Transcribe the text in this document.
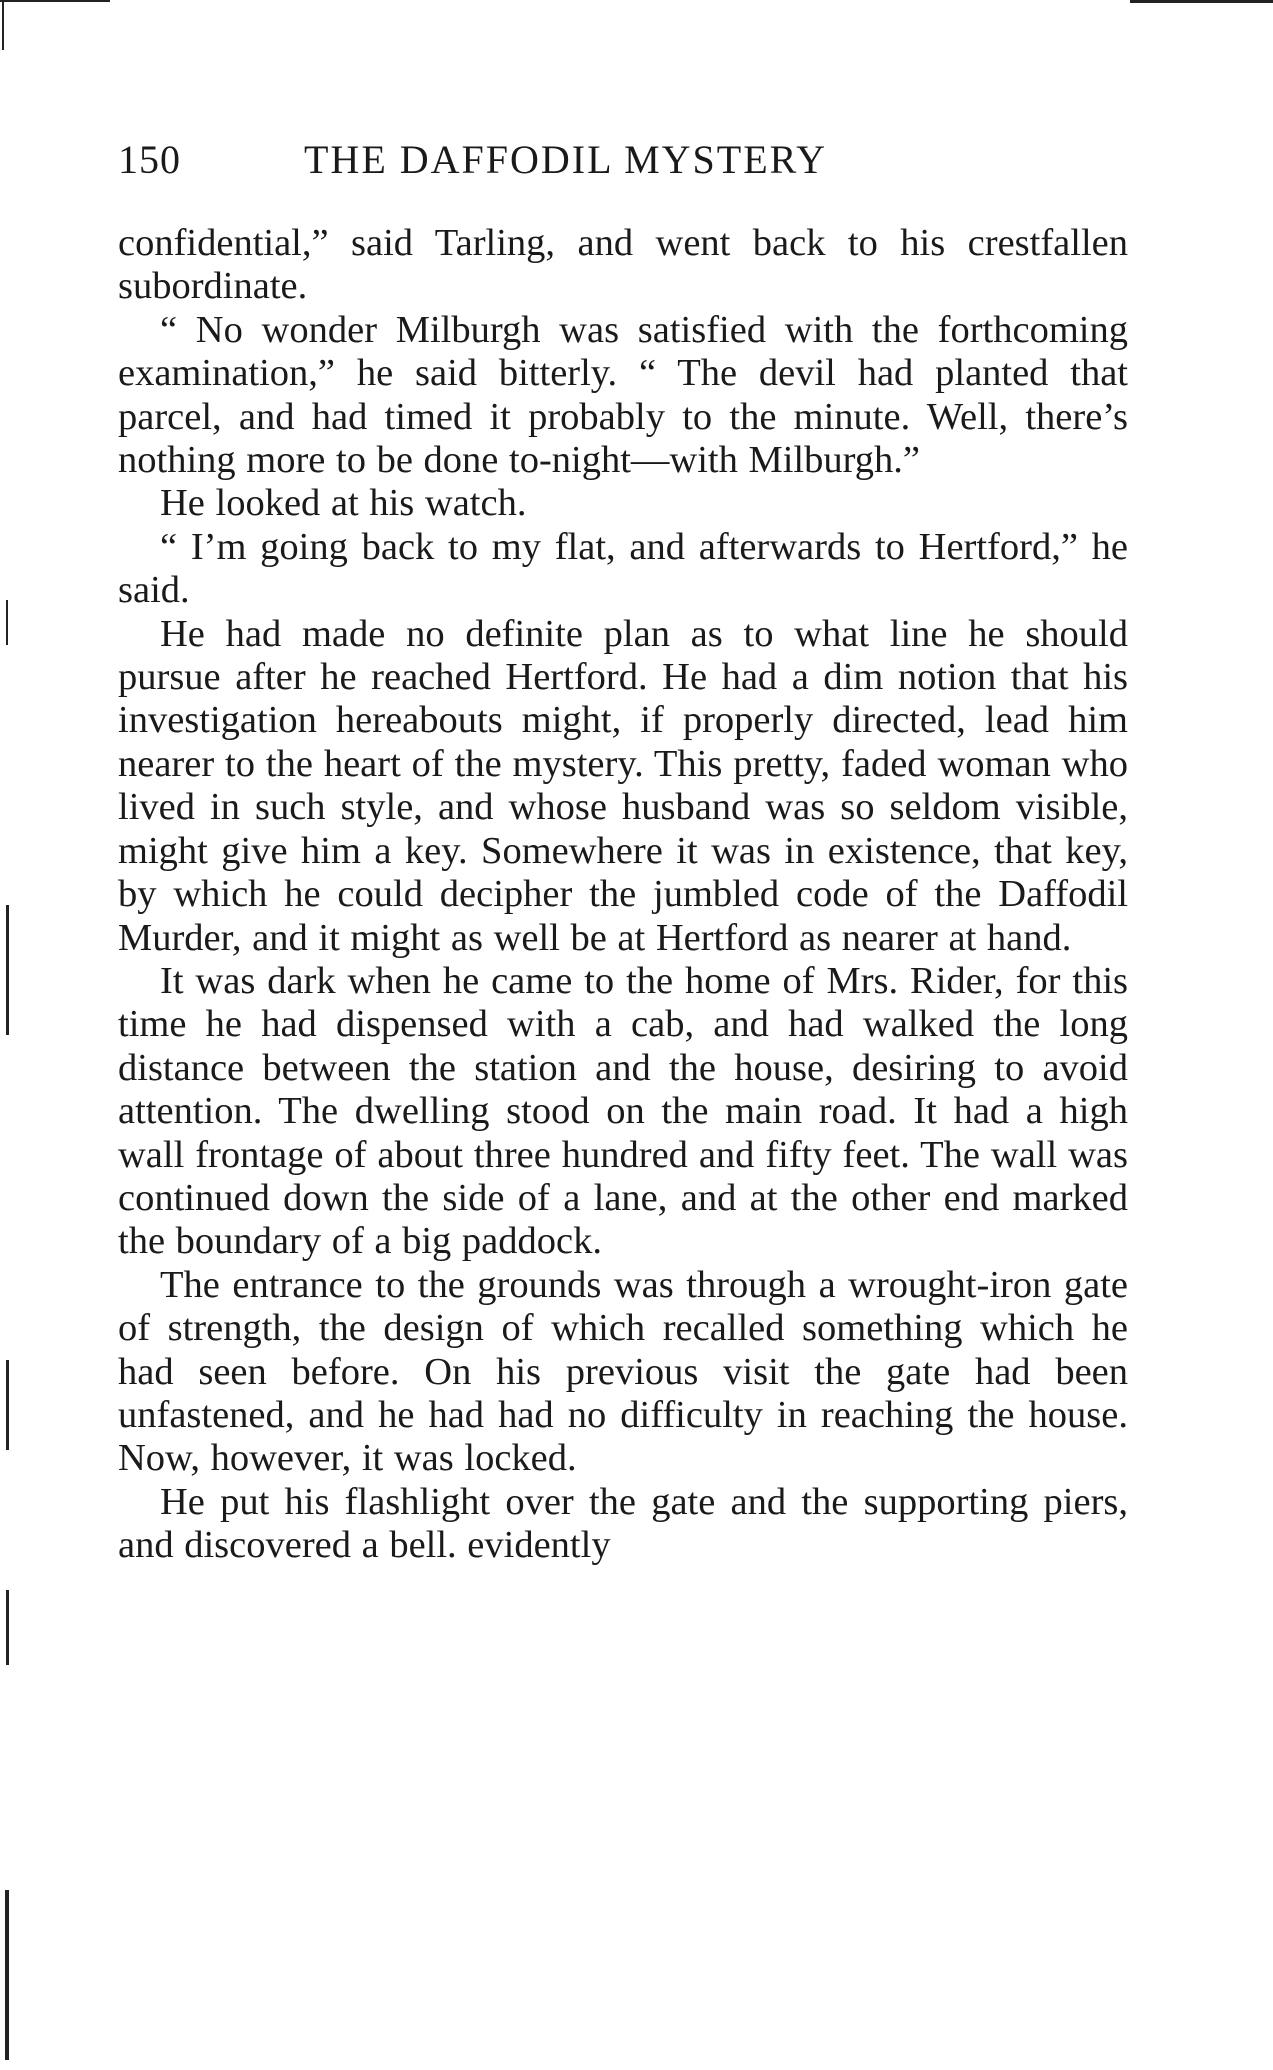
150	THE DAFFODIL MYSTERY

confidential,” said Tarling, and went back to his crestfallen subordinate.

“ No wonder Milburgh was satisfied with the forthcoming examination,” he said bitterly. “ The devil had planted that parcel, and had timed it probably to the minute. Well, there’s nothing more to be done to-night—with Milburgh.”

He looked at his watch.

“ I’m going back to my flat, and afterwards to Hertford,” he said.

He had made no definite plan as to what line he should pursue after he reached Hertford. He had a dim notion that his investigation hereabouts might, if properly directed, lead him nearer to the heart of the mystery. This pretty, faded woman who lived in such style, and whose husband was so seldom visible, might give him a key. Somewhere it was in existence, that key, by which he could decipher the jumbled code of the Daffodil Murder, and it might as well be at Hertford as nearer at hand.

It was dark when he came to the home of Mrs. Rider, for this time he had dispensed with a cab, and had walked the long distance between the station and the house, desiring to avoid attention. The dwelling stood on the main road. It had a high wall frontage of about three hundred and fifty feet. The wall was continued down the side of a lane, and at the other end marked the boundary of a big paddock.

The entrance to the grounds was through a wrought-iron gate of strength, the design of which recalled something which he had seen before. On his previous visit the gate had been unfastened, and he had had no difficulty in reaching the house. Now, however, it was locked.

He put his flashlight over the gate and the supporting piers, and discovered a bell. evidently
